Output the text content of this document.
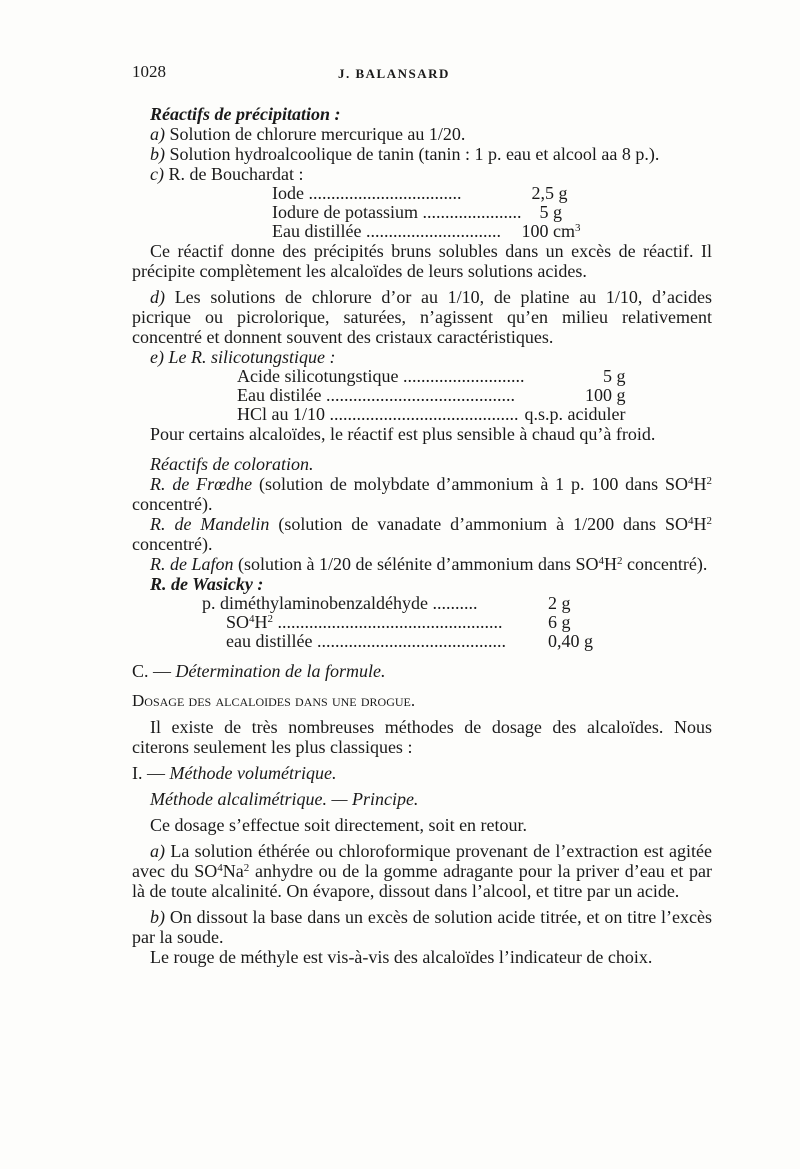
1028	J. BALANSARD

Réactifs de précipitation :

a) Solution de chlorure mercurique au 1/20.

b) Solution hydroalcoolique de tanin (tanin : 1 p. eau et alcool aa 8 p.).

c) R. de Bouchardat :

Iode ..................................	2,5 g
Iodure de potassium ......................	5 g
Eau distillée ..............................	100 $cm^3$

Ce réactif donne des précipités bruns solubles dans un excès de réactif. Il précipite complètement les alcaloïdes de leurs solutions acides.

d) Les solutions de chlorure d’or au 1/10, de platine au 1/10, d’acides picrique ou picrolorique, saturées, n’agissent qu’en milieu relativement concentré et donnent souvent des cristaux caractéristiques.

e) Le R. silicotungstique :

Acide silicotungstique ...........................	5 g
Eau distilée ..........................................	100 g
HCl au 1/10 ..........................................	q.s.p. aciduler

Pour certains alcaloïdes, le réactif est plus sensible à chaud qu’à froid.

Réactifs de coloration.

R. de Frœdhe (solution de molybdate d’ammonium à 1 p. 100 dans $SO^4H^2$ concentré).

R. de Mandelin (solution de vanadate d’ammonium à 1/200 dans $SO^4H^2$ concentré).

R. de Lafon (solution à 1/20 de sélénite d’ammonium dans $SO^4H^2$ concentré).

R. de Wasicky :

p. diméthylaminobenzaldéhyde ..........	2 g
$SO^4H^2$ ..................................................	6 g
eau distillée ..........................................	0,40 g

C. — Détermination de la formule.

Dosage des alcaloides dans une drogue.

Il existe de très nombreuses méthodes de dosage des alcaloïdes. Nous citerons seulement les plus classiques :

I. — Méthode volumétrique.

Méthode alcalimétrique. — Principe.

Ce dosage s’effectue soit directement, soit en retour.

a) La solution éthérée ou chloroformique provenant de l’extraction est agitée avec du $SO^4Na^2$ anhydre ou de la gomme adragante pour la priver d’eau et par là de toute alcalinité. On évapore, dissout dans l’alcool, et titre par un acide.

b) On dissout la base dans un excès de solution acide titrée, et on titre l’excès par la soude.

Le rouge de méthyle est vis-à-vis des alcaloïdes l’indicateur de choix.
